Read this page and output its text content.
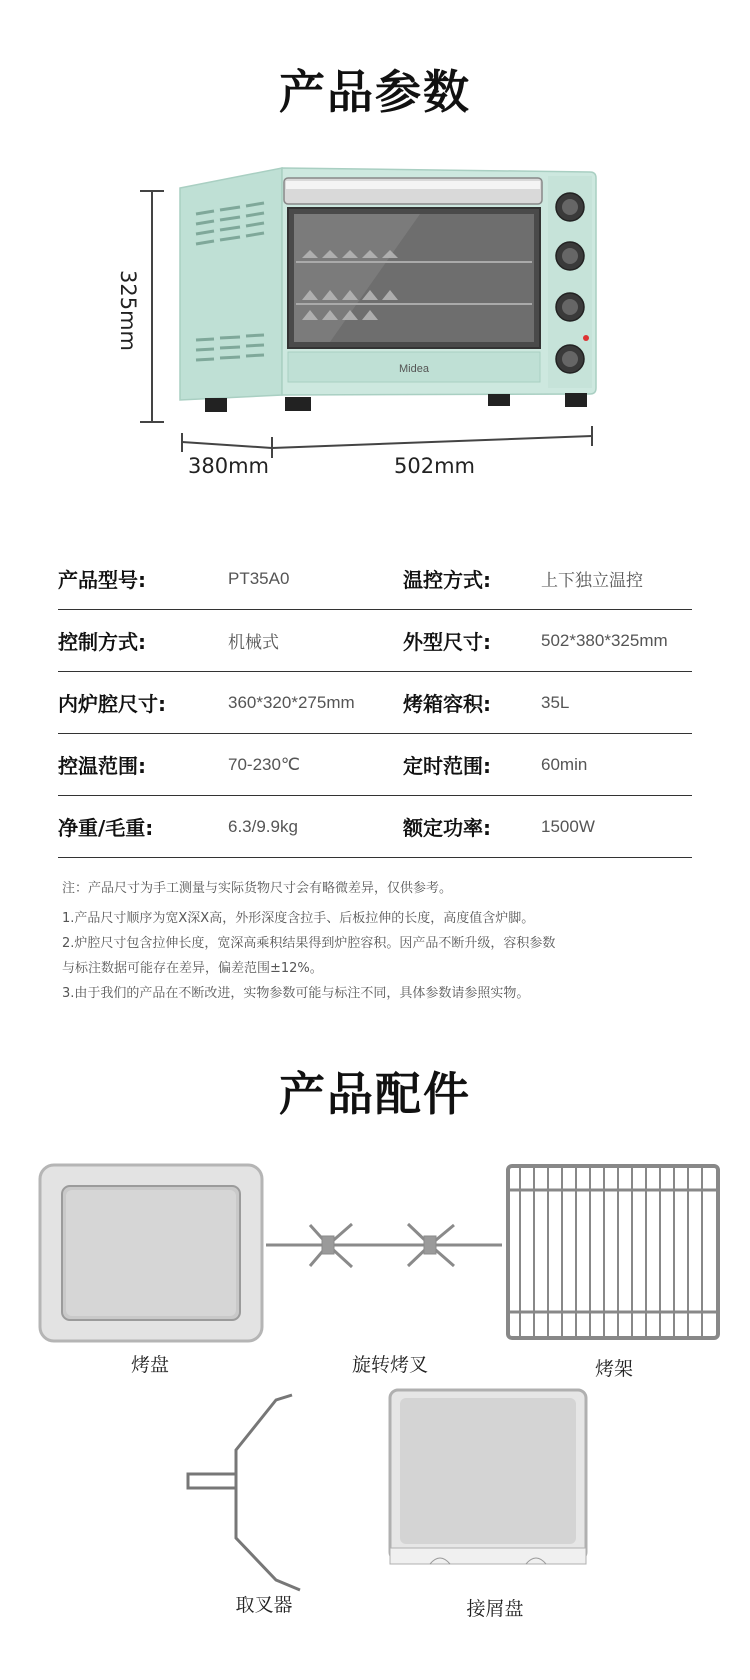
产品参数
Midea
325mm
380mm	502mm
产品型号:	PT35A0	温控方式:	上下独立温控
控制方式:	机械式	外型尺寸:	502*380*325mm
内炉腔尺寸:	360*320*275mm	烤箱容积:	35L
控温范围:	70-230℃	定时范围:	60min
净重/毛重:	6.3/9.9kg	额定功率:	1500W
注：产品尺寸为手工测量与实际货物尺寸会有略微差异，仅供参考。
1.产品尺寸顺序为宽X深X高，外形深度含拉手、后板拉伸的长度，高度值含炉脚。
2.炉腔尺寸包含拉伸长度，宽深高乘积结果得到炉腔容积。因产品不断升级，容积参数
与标注数据可能存在差异，偏差范围±12%。
3.由于我们的产品在不断改进，实物参数可能与标注不同，具体参数请参照实物。
产品配件
烤盘	旋转烤叉	烤架
取叉器	接屑盘
